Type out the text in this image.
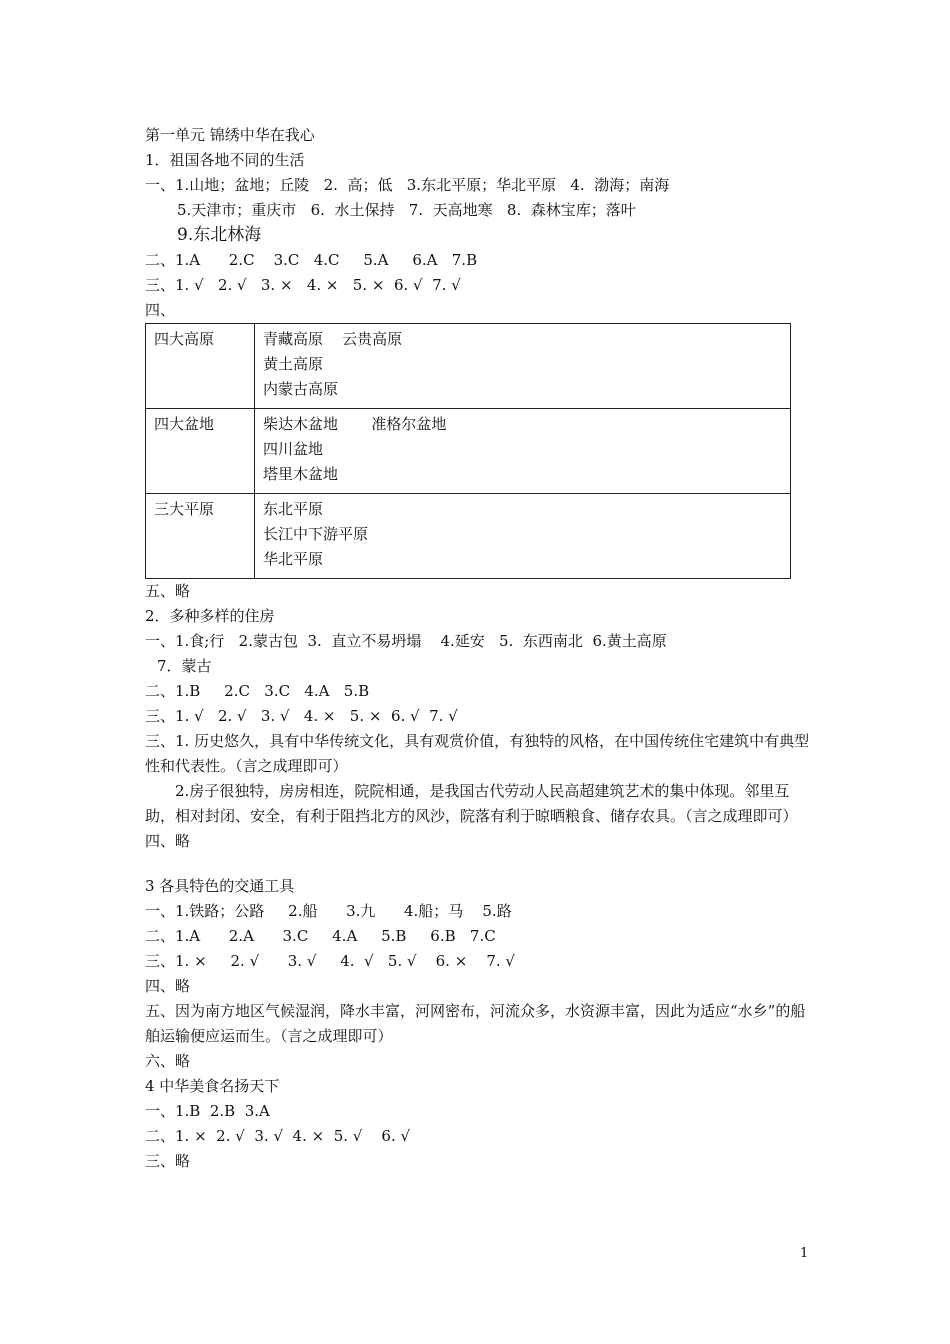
第一单元 锦绣中华在我心
1．祖国各地不同的生活
一、1.山地；盆地；丘陵   2.  高；低   3.东北平原；华北平原   4.  渤海；南海
5.天津市；重庆市   6.  水土保持   7.  天高地寒   8.  森林宝库；落叶
9.东北林海
二、1.A      2.C    3.C   4.C     5.A     6.A   7.B
三、1. √   2. √   3. ×   4. ×   5. ×  6. √  7. √
四、
四大高原	青藏高原    云贵高原
黄土高原
内蒙古高原

四大盆地	柴达木盆地       准格尔盆地
四川盆地
塔里木盆地

三大平原	东北平原
长江中下游平原
华北平原
五、略
2．多种多样的住房
一、1.食;行   2.蒙古包  3.  直立不易坍塌    4.延安   5.  东西南北  6.黄土高原
7．蒙古
二、1.B     2.C   3.C   4.A   5.B
三、1. √   2. √   3. √   4. ×   5. ×  6. √  7. √
三、1. 历史悠久，具有中华传统文化，具有观赏价值，有独特的风格，在中国传统住宅建筑中有典型性和代表性。（言之成理即可）
2.房子很独特，房房相连，院院相通，是我国古代劳动人民高超建筑艺术的集中体现。邻里互助，相对封闭、安全，有利于阻挡北方的风沙，院落有利于晾晒粮食、储存农具。（言之成理即可）
四、略
3 各具特色的交通工具
一、1.铁路；公路     2.船      3.九      4.船；马    5.路
二、1.A      2.A      3.C     4.A     5.B     6.B   7.C
三、1. ×     2. √      3. √     4.  √   5. √    6. ×    7. √
四、略
五、因为南方地区气候湿润，降水丰富，河网密布，河流众多，水资源丰富，因此为适应“水乡”的船舶运输便应运而生。（言之成理即可）
六、略
4 中华美食名扬天下
一、1.B  2.B  3.A
二、1. ×  2. √  3. √  4. ×  5. √    6. √
三、略
1
